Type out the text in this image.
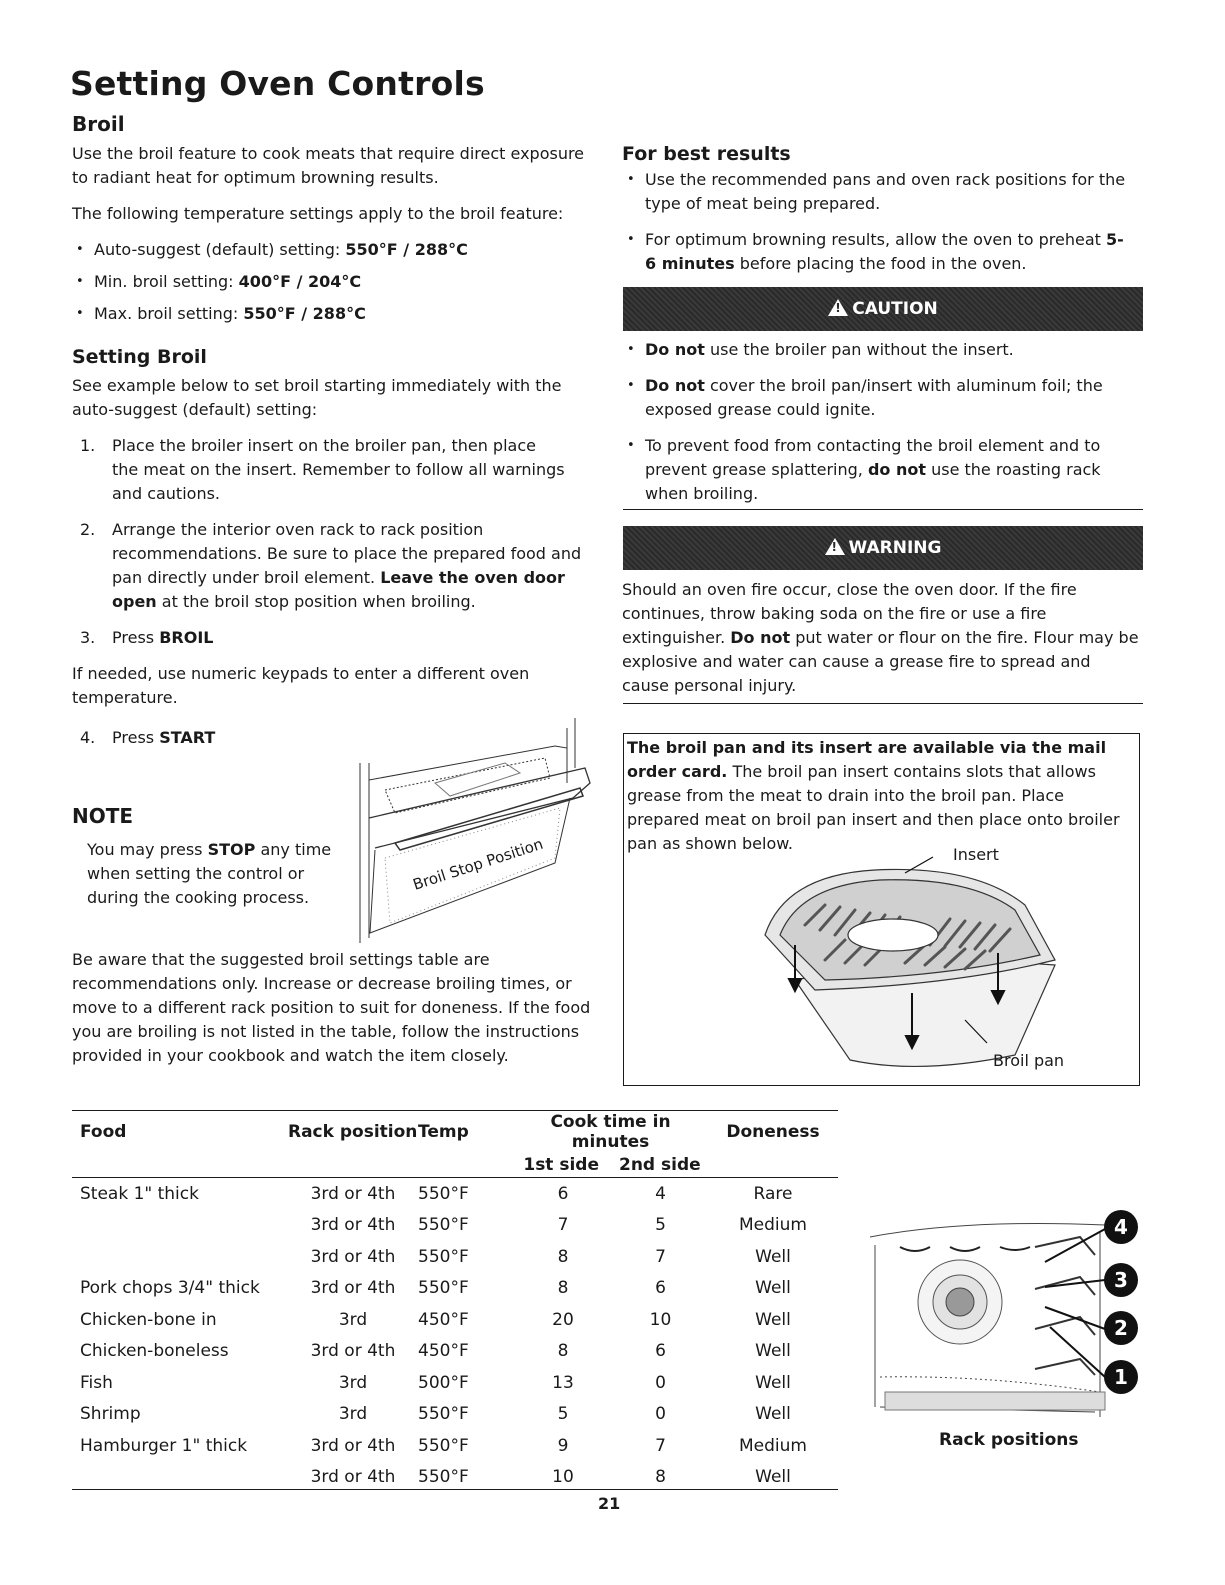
Setting Oven Controls
Broil

Use the broil feature to cook meats that require direct exposure to radiant heat for optimum browning results.

The following temperature settings apply to the broil feature:

• Auto-suggest (default) setting: 550°F / 288°C
• Min. broil setting: 400°F / 204°C
• Max. broil setting: 550°F / 288°C
Setting Broil

See example below to set broil starting immediately with the auto-suggest (default) setting:

1. Place the broiler insert on the broiler pan, then place the meat on the insert. Remember to follow all warnings and cautions.
2. Arrange the interior oven rack to rack position recommendations. Be sure to place the prepared food and pan directly under broil element. Leave the oven door open at the broil stop position when broiling.
3. Press BROIL

If needed, use numeric keypads to enter a different oven temperature.

4. Press START
NOTE

You may press STOP any time when setting the control or during the cooking process.

Broil Stop Position

Be aware that the suggested broil settings table are recommendations only. Increase or decrease broiling times, or move to a different rack position to suit for doneness. If the food you are broiling is not listed in the table, follow the instructions provided in your cookbook and watch the item closely.

For best results
• Use the recommended pans and oven rack positions for the type of meat being prepared.
• For optimum browning results, allow the oven to preheat 5-6 minutes before placing the food in the oven.
!CAUTION
• Do not use the broiler pan without the insert.
• Do not cover the broil pan/insert with aluminum foil; the exposed grease could ignite.
• To prevent food from contacting the broil element and to prevent grease splattering, do not use the roasting rack when broiling.
!WARNING

Should an oven fire occur, close the oven door. If the fire continues, throw baking soda on the fire or use a fire extinguisher. Do not put water or flour on the fire. Flour may be explosive and water can cause a grease fire to spread and cause personal injury.

The broil pan and its insert are available via the mail order card. The broil pan insert contains slots that allows grease from the meat to drain into the broil pan. Place prepared meat on broil pan insert and then place onto broiler pan as shown below.

Insert
Broil pan
Food	Rack position	Temp	Cook time in minutes		Doneness
			1st side	2nd side	
Steak 1" thick	3rd or 4th	550°F	6	4	Rare
	3rd or 4th	550°F	7	5	Medium
	3rd or 4th	550°F	8	7	Well
Pork chops 3/4" thick	3rd or 4th	550°F	8	6	Well
Chicken-bone in	3rd	450°F	20	10	Well
Chicken-boneless	3rd or 4th	450°F	8	6	Well
Fish	3rd	500°F	13	0	Well
Shrimp	3rd	550°F	5	0	Well
Hamburger 1" thick	3rd or 4th	550°F	9	7	Medium
	3rd or 4th	550°F	10	8	Well
4
3
2
1
Rack positions
21
